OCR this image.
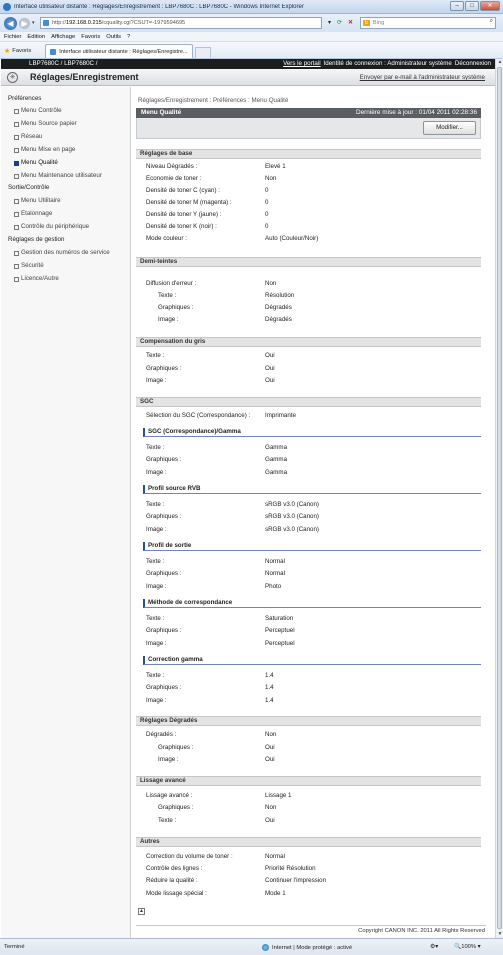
Interface utilisateur distante : Réglages/Enregistrement : LBP7680C : LBP7680C - Windows Internet Explorer	–	□	✕
◀ ▶ ▾	http:// 192.168.0.215 /cquality.cgi?CSUT=-1979594695	▾	⟳	✕	b Bing	⌕
Fichier Edition Affichage Favoris Outils ?
★ Favoris	Interface utilisateur distante : Réglages/Enregistre...
LBP7680C / LBP7680C /	Vers le portail Identité de connexion : Administrateur système Déconnexion
✳ Réglages/Enregistrement	Envoyer par e-mail à l'administrateur système
Préférences
Menu Contrôle
Menu Source papier
Réseau
Menu Mise en page
Menu Qualité
Menu Maintenance utilisateur
Sortie/Contrôle
Menu Utilitaire
Etalonnage
Contrôle du périphérique
Réglages de gestion
Gestion des numéros de service
Sécurité
Licence/Autre
Réglages/Enregistrement : Préférences : Menu Qualité
Menu Qualité	Dernière mise à jour : 01/04 2011 02:28:36
Modifier...
Réglages de base
Niveau Dégradés :	Elevé 1
Economie de toner :	Non
Densité de toner C (cyan) :	0
Densité de toner M (magenta) :	0
Densité de toner Y (jaune) :	0
Densité de toner K (noir) :	0
Mode couleur :	Auto (Couleur/Noir)
Demi-teintes
Diffusion d'erreur :	Non
Texte :	Résolution
Graphiques :	Dégradés
Image :	Dégradés
Compensation du gris
Texte :	Oui
Graphiques :	Oui
Image :	Oui
SGC
Sélection du SGC (Correspondance) : Imprimante
SGC (Correspondance)/Gamma
Texte :	Gamma
Graphiques :	Gamma
Image :	Gamma
Profil source RVB
Texte :	sRGB v3.0 (Canon)
Graphiques :	sRGB v3.0 (Canon)
Image :	sRGB v3.0 (Canon)
Profil de sortie
Texte :	Normal
Graphiques :	Normal
Image :	Photo
Méthode de correspondance
Texte :	Saturation
Graphiques :	Perceptuel
Image :	Perceptuel
Correction gamma
Texte :	1.4
Graphiques :	1.4
Image :	1.4
Réglages Dégradés
Dégradés :	Non
Graphiques :	Oui
Image :	Oui
Lissage avancé
Lissage avancé :	Lissage 1
Graphiques :	Non
Texte :	Oui
Autres
Correction du volume de toner :	Normal
Contrôle des lignes :	Priorité Résolution
Réduire la qualité :	Continuer l'impression
Mode lissage spécial :	Mode 1
▲
Copyright CANON INC. 2011 All Rights Reserved
▲
▼
Terminé	Internet | Mode protégé : activé	⚙▾	🔍100% ▾
